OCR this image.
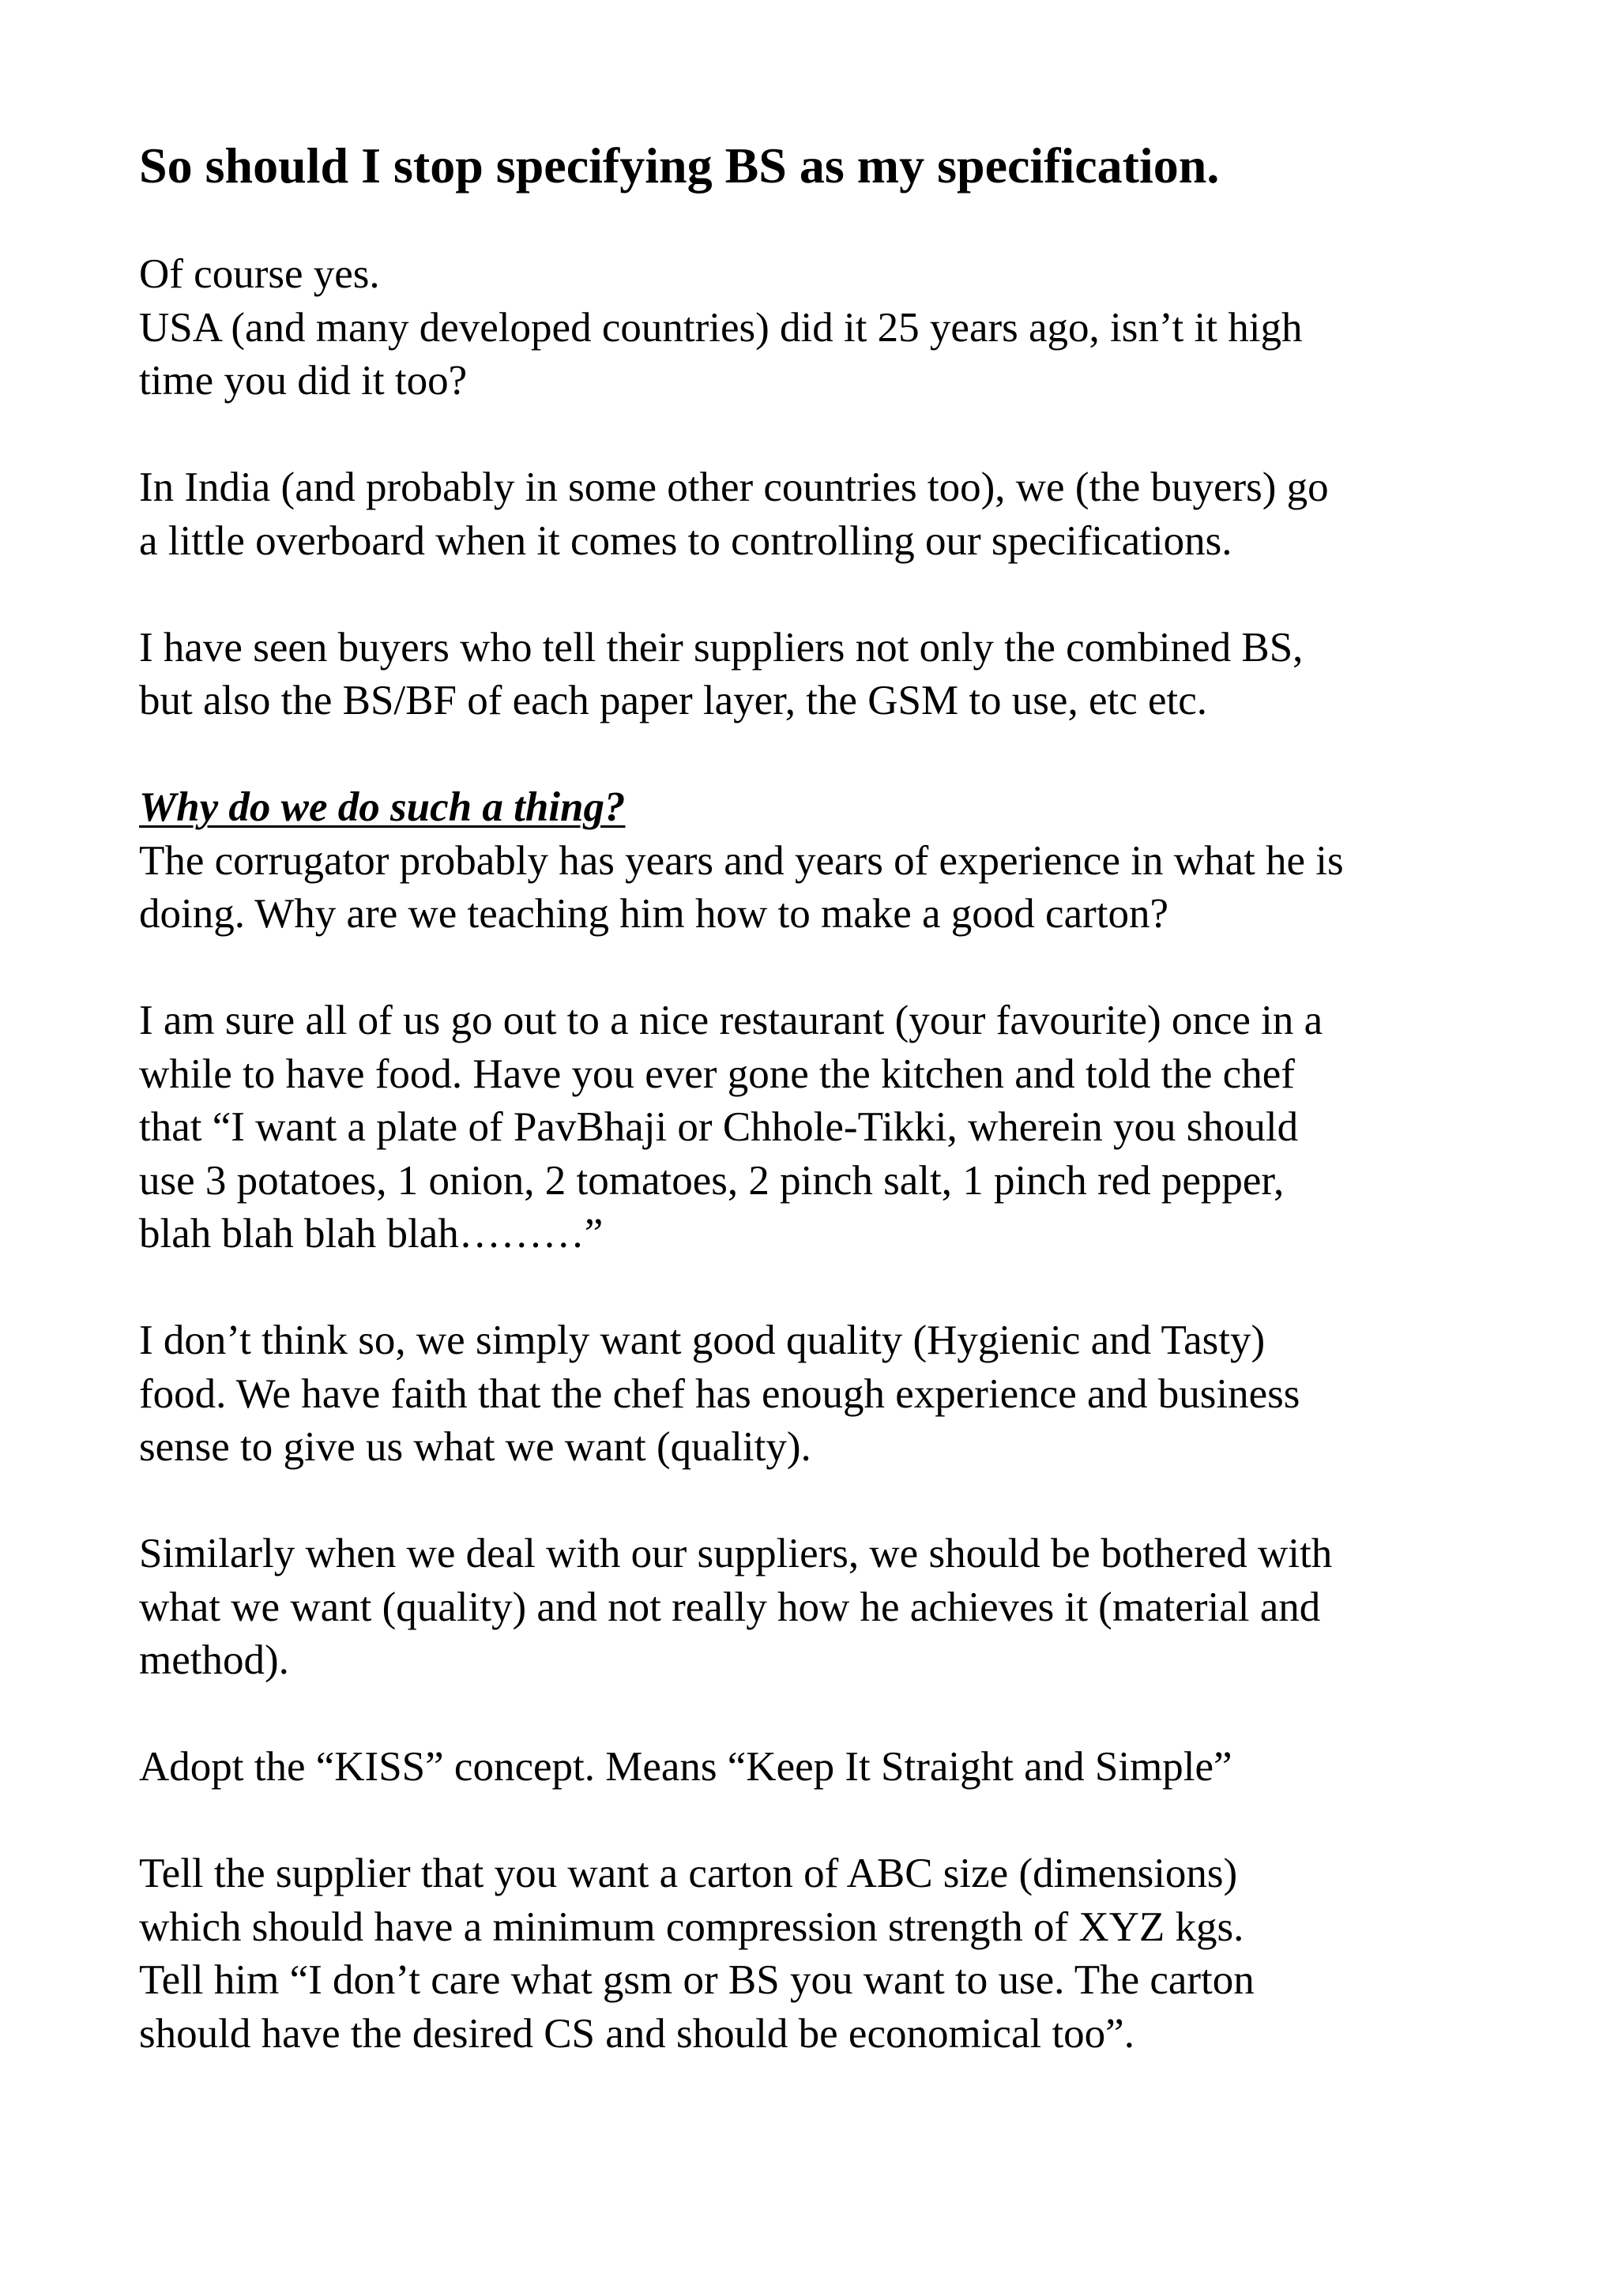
So should I stop specifying BS as my specification.
Of course yes.
USA (and many developed countries) did it 25 years ago, isn’t it high
time you did it too?
In India (and probably in some other countries too), we (the buyers) go
a little overboard when it comes to controlling our specifications.
I have seen buyers who tell their suppliers not only the combined BS,
but also the BS/BF of each paper layer, the GSM to use, etc etc.
Why do we do such a thing?
The corrugator probably has years and years of experience in what he is
doing. Why are we teaching him how to make a good carton?
I am sure all of us go out to a nice restaurant (your favourite) once in a
while to have food. Have you ever gone the kitchen and told the chef
that “I want a plate of PavBhaji or Chhole-Tikki, wherein you should
use 3 potatoes, 1 onion, 2 tomatoes, 2 pinch salt, 1 pinch red pepper,
blah blah blah blah………”
I don’t think so, we simply want good quality (Hygienic and Tasty)
food. We have faith that the chef has enough experience and business
sense to give us what we want (quality).
Similarly when we deal with our suppliers, we should be bothered with
what we want (quality) and not really how he achieves it (material and
method).
Adopt the “KISS” concept. Means “Keep It Straight and Simple”
Tell the supplier that you want a carton of ABC size (dimensions)
which should have a minimum compression strength of XYZ kgs.
Tell him “I don’t care what gsm or BS you want to use. The carton
should have the desired CS and should be economical too”.
